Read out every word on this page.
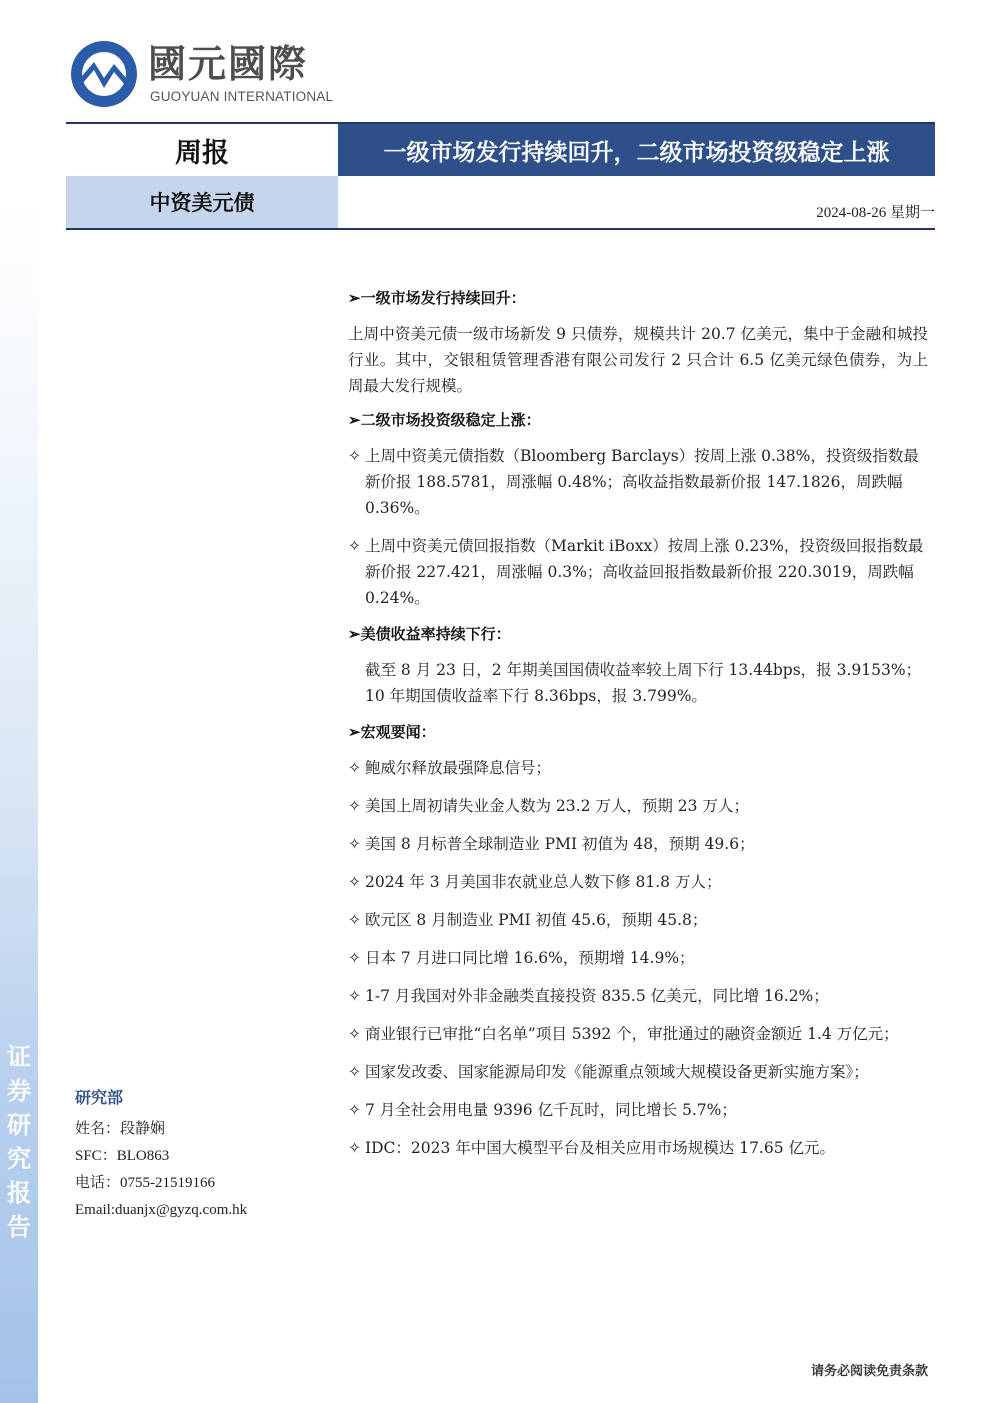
证
券
研
究
报
告
國元國際
GUOYUAN INTERNATIONAL
周报	一级市场发行持续回升，二级市场投资级稳定上涨
中资美元债	2024-08-26 星期一
研究部
姓名：段静娴
SFC：BLO863
电话：0755-21519166
Email:duanjx@gyzq.com.hk
➢一级市场发行持续回升：
上周中资美元债一级市场新发 9 只债券，规模共计 20.7 亿美元，集中于金融和城投行业。其中，交银租赁管理香港有限公司发行 2 只合计 6.5 亿美元绿色债券，为上周最大发行规模。
➢二级市场投资级稳定上涨：
✧ 上周中资美元债指数（Bloomberg Barclays）按周上涨 0.38%，投资级指数最新价报 188.5781，周涨幅 0.48%；高收益指数最新价报 147.1826，周跌幅 0.36%。
✧ 上周中资美元债回报指数（Markit iBoxx）按周上涨 0.23%，投资级回报指数最新价报 227.421，周涨幅 0.3%；高收益回报指数最新价报 220.3019，周跌幅 0.24%。
➢美债收益率持续下行：
截至 8 月 23 日，2 年期美国国债收益率较上周下行 13.44bps，报 3.9153%；10 年期国债收益率下行 8.36bps，报 3.799%。
➢宏观要闻：
✧ 鲍威尔释放最强降息信号；
✧ 美国上周初请失业金人数为 23.2 万人，预期 23 万人；
✧ 美国 8 月标普全球制造业 PMI 初值为 48，预期 49.6；
✧ 2024 年 3 月美国非农就业总人数下修 81.8 万人；
✧ 欧元区 8 月制造业 PMI 初值 45.6，预期 45.8；
✧ 日本 7 月进口同比增 16.6%，预期增 14.9%；
✧ 1-7 月我国对外非金融类直接投资 835.5 亿美元，同比增 16.2%；
✧ 商业银行已审批“白名单”项目 5392 个，审批通过的融资金额近 1.4 万亿元；
✧ 国家发改委、国家能源局印发《能源重点领域大规模设备更新实施方案》；
✧ 7 月全社会用电量 9396 亿千瓦时，同比增长 5.7%；
✧ IDC：2023 年中国大模型平台及相关应用市场规模达 17.65 亿元。
请务必阅读免责条款
